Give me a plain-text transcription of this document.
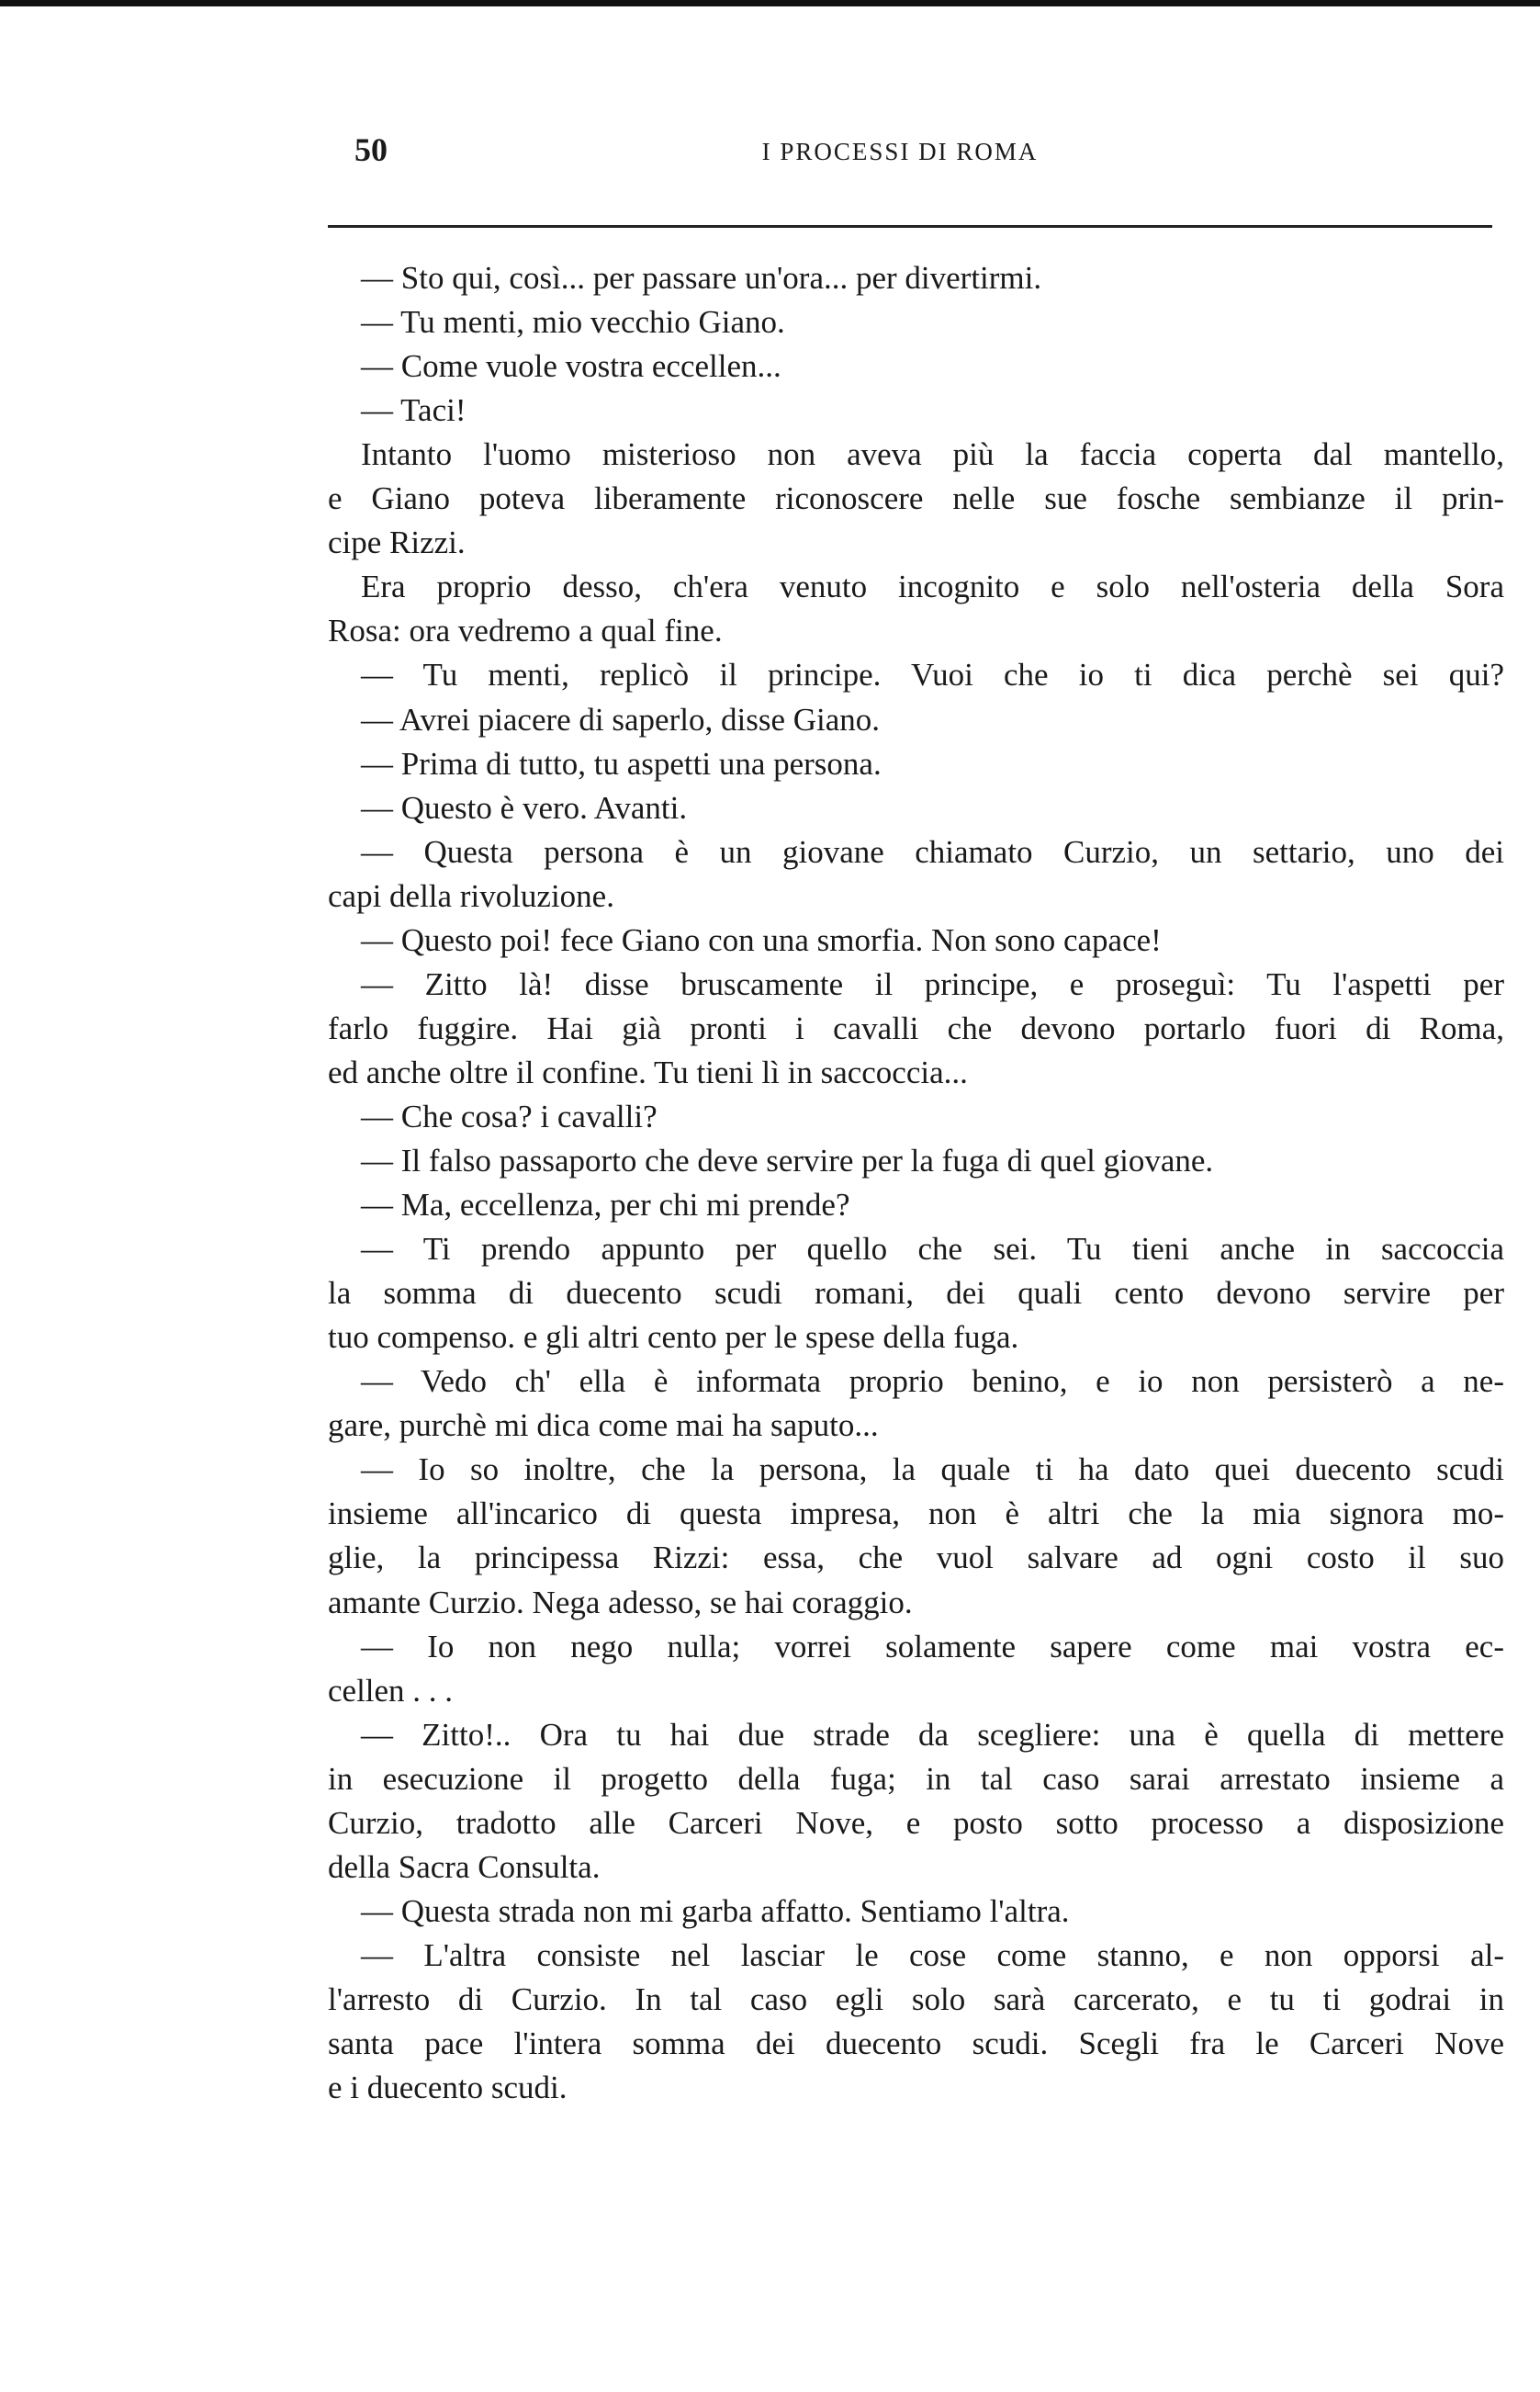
50	I PROCESSI DI ROMA
— Sto qui, così... per passare un'ora... per divertirmi.
— Tu menti, mio vecchio Giano.
— Come vuole vostra eccellen...
— Taci!
Intanto l'uomo misterioso non aveva più la faccia coperta dal mantello,
e Giano poteva liberamente riconoscere nelle sue fosche sembianze il prin-
cipe Rizzi.
Era proprio desso, ch'era venuto incognito e solo nell'osteria della Sora
Rosa: ora vedremo a qual fine.
— Tu menti, replicò il principe. Vuoi che io ti dica perchè sei qui?
— Avrei piacere di saperlo, disse Giano.
— Prima di tutto, tu aspetti una persona.
— Questo è vero. Avanti.
— Questa persona è un giovane chiamato Curzio, un settario, uno dei
capi della rivoluzione.
— Questo poi! fece Giano con una smorfia. Non sono capace!
— Zitto là! disse bruscamente il principe, e proseguì: Tu l'aspetti per
farlo fuggire. Hai già pronti i cavalli che devono portarlo fuori di Roma,
ed anche oltre il confine. Tu tieni lì in saccoccia...
— Che cosa? i cavalli?
— Il falso passaporto che deve servire per la fuga di quel giovane.
— Ma, eccellenza, per chi mi prende?
— Ti prendo appunto per quello che sei. Tu tieni anche in saccoccia
la somma di duecento scudi romani, dei quali cento devono servire per
tuo compenso. e gli altri cento per le spese della fuga.
— Vedo ch' ella è informata proprio benino, e io non persisterò a ne-
gare, purchè mi dica come mai ha saputo...
— Io so inoltre, che la persona, la quale ti ha dato quei duecento scudi
insieme all'incarico di questa impresa, non è altri che la mia signora mo-
glie, la principessa Rizzi: essa, che vuol salvare ad ogni costo il suo
amante Curzio. Nega adesso, se hai coraggio.
— Io non nego nulla; vorrei solamente sapere come mai vostra ec-
cellen . . .
— Zitto!.. Ora tu hai due strade da scegliere: una è quella di mettere
in esecuzione il progetto della fuga; in tal caso sarai arrestato insieme a
Curzio, tradotto alle Carceri Nove, e posto sotto processo a disposizione
della Sacra Consulta.
— Questa strada non mi garba affatto. Sentiamo l'altra.
— L'altra consiste nel lasciar le cose come stanno, e non opporsi al-
l'arresto di Curzio. In tal caso egli solo sarà carcerato, e tu ti godrai in
santa pace l'intera somma dei duecento scudi. Scegli fra le Carceri Nove
e i duecento scudi.
